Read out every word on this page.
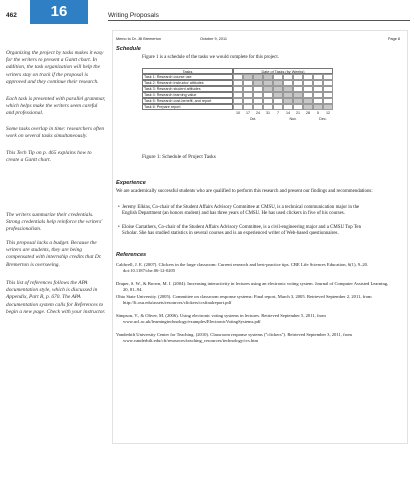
462	16	Writing Proposals
Organizing the project by tasks makes it easy for the writers to present a Gantt chart. In addition, the task organization will help the writers stay on track if the proposal is approved and they continue their research.
Each task is presented with parallel grammar, which helps make the writers seem careful and professional.
Some tasks overlap in time: researchers often work on several tasks simultaneously.
This Tech Tip on p. 465 explains how to create a Gantt chart.
The writers summarize their credentials. Strong credentials help reinforce the writers' professionalism.
This proposal lacks a budget. Because the writers are students, they are being compensated with internship credits that Dr. Bremerton is overseeing.
This list of references follows the APA documentation style, which is discussed in Appendix, Part B, p. 670. The APA documentation system calls for References to begin a new page. Check with your instructor.
Memo to Dr. Jill Bremerton	October 9, 2011	Page 8
Schedule
Figure 1 is a schedule of the tasks we would complete for this project.
Tasks	Date of Tasks (by Weeks)
Task 1: Research course use
Task 2: Research instructor attitudes
Task 3: Research student attitudes
Task 4: Research learning value
Task 5: Research cost-benefit, and report
Task 6: Prepare report
10	17	24	31	7	14	21	28	5	12
Oct.	Nov.	Dec.
Figure 1: Schedule of Project Tasks
Experience
We are academically successful students who are qualified to perform this research and present our findings and recommendations:
• Jeremy Elkins, Co-chair of the Student Affairs Advisory Committee at CMSU, is a technical communication major in the English Department (an honors student) and has three years of CMSU. He has used clickers in five of his courses.
• Eloise Carrathers, Co-chair of the Student Affairs Advisory Committee, is a civil-engineering major and a CMSU Top Ten Scholar. She has studied statistics in several courses and is an experienced writer of Web-based questionnaires.
References
Caldwell, J. E. (2007). Clickers in the large classroom: Current research and best-practice tips. CBE Life Sciences Education, 6(1), 9–20. doi:10.1187/cbe.06-12-0205
Draper, S. W., & Brown, M. I. (2004). Increasing interactivity in lectures using an electronic voting system. Journal of Computer Assisted Learning, 20, 81–94.
Ohio State University. (2005). Committee on classroom response systems: Final report, March 3, 2005. Retrieved September 2, 2011, from http://lt.osu.edu/assets/resources/clickers/crsfinalreport.pdf
Simpson, V., & Oliver, M. (2006). Using electronic voting systems in lectures. Retrieved September 5, 2011, from www.ucl.ac.uk/learningtechnology/examples/ElectronicVotingSystems.pdf
Vanderbilt University Center for Teaching. (2010). Classroom response systems ("clickers"). Retrieved September 3, 2011, from www.vanderbilt.edu/cft/resources/teaching_resources/technology/crs.htm
